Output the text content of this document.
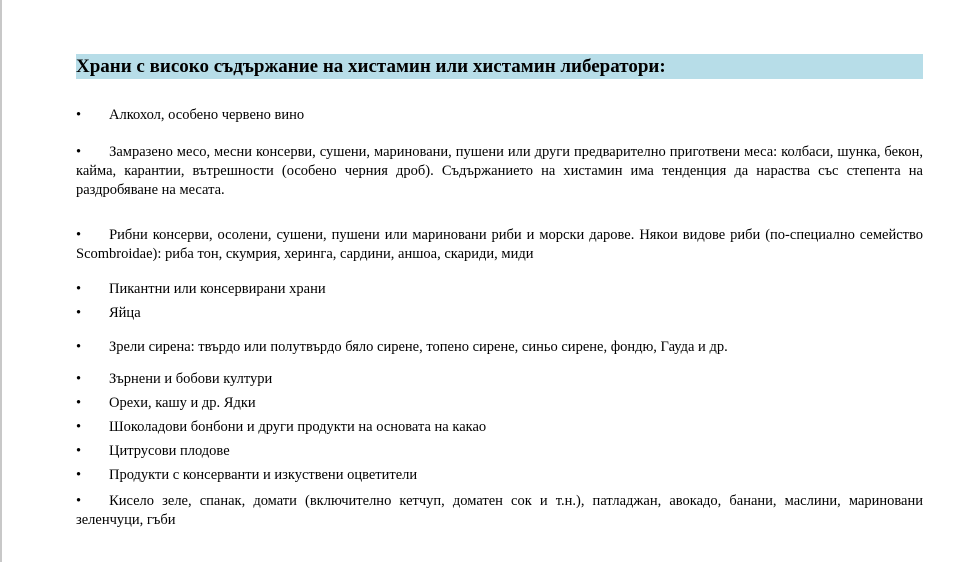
Храни с високо съдържание на хистамин или хистамин либератори:
•	Алкохол, особено червено вино
• Замразено месо, месни консерви, сушени, мариновани, пушени или други предварително приготвени меса: колбаси, шунка, бекон, кайма, карантии, вътрешности (особено черния дроб). Съдържанието на хистамин има тенденция да нараства със степента на раздробяване на месата.
• Рибни консерви, осолени, сушени, пушени или мариновани риби и морски дарове. Някои видове риби (по-специално семейство Scombroidae): риба тон, скумрия, херинга, сардини, аншоа, скариди, миди
•	Пикантни или консервирани храни
•	Яйца
•	Зрели сирена: твърдо или полутвърдо бяло сирене, топено сирене, синьо сирене, фондю, Гауда и др.
•	Зърнени и бобови култури
•	Орехи, кашу и др. Ядки
•	Шоколадови бонбони и други продукти на основата на какао
•	Цитрусови плодове
•	Продукти с консерванти и изкуствени оцветители
• Кисело зеле, спанак, домати (включително кетчуп, доматен сок и т.н.), патладжан, авокадо, банани, маслини, мариновани зеленчуци, гъби
